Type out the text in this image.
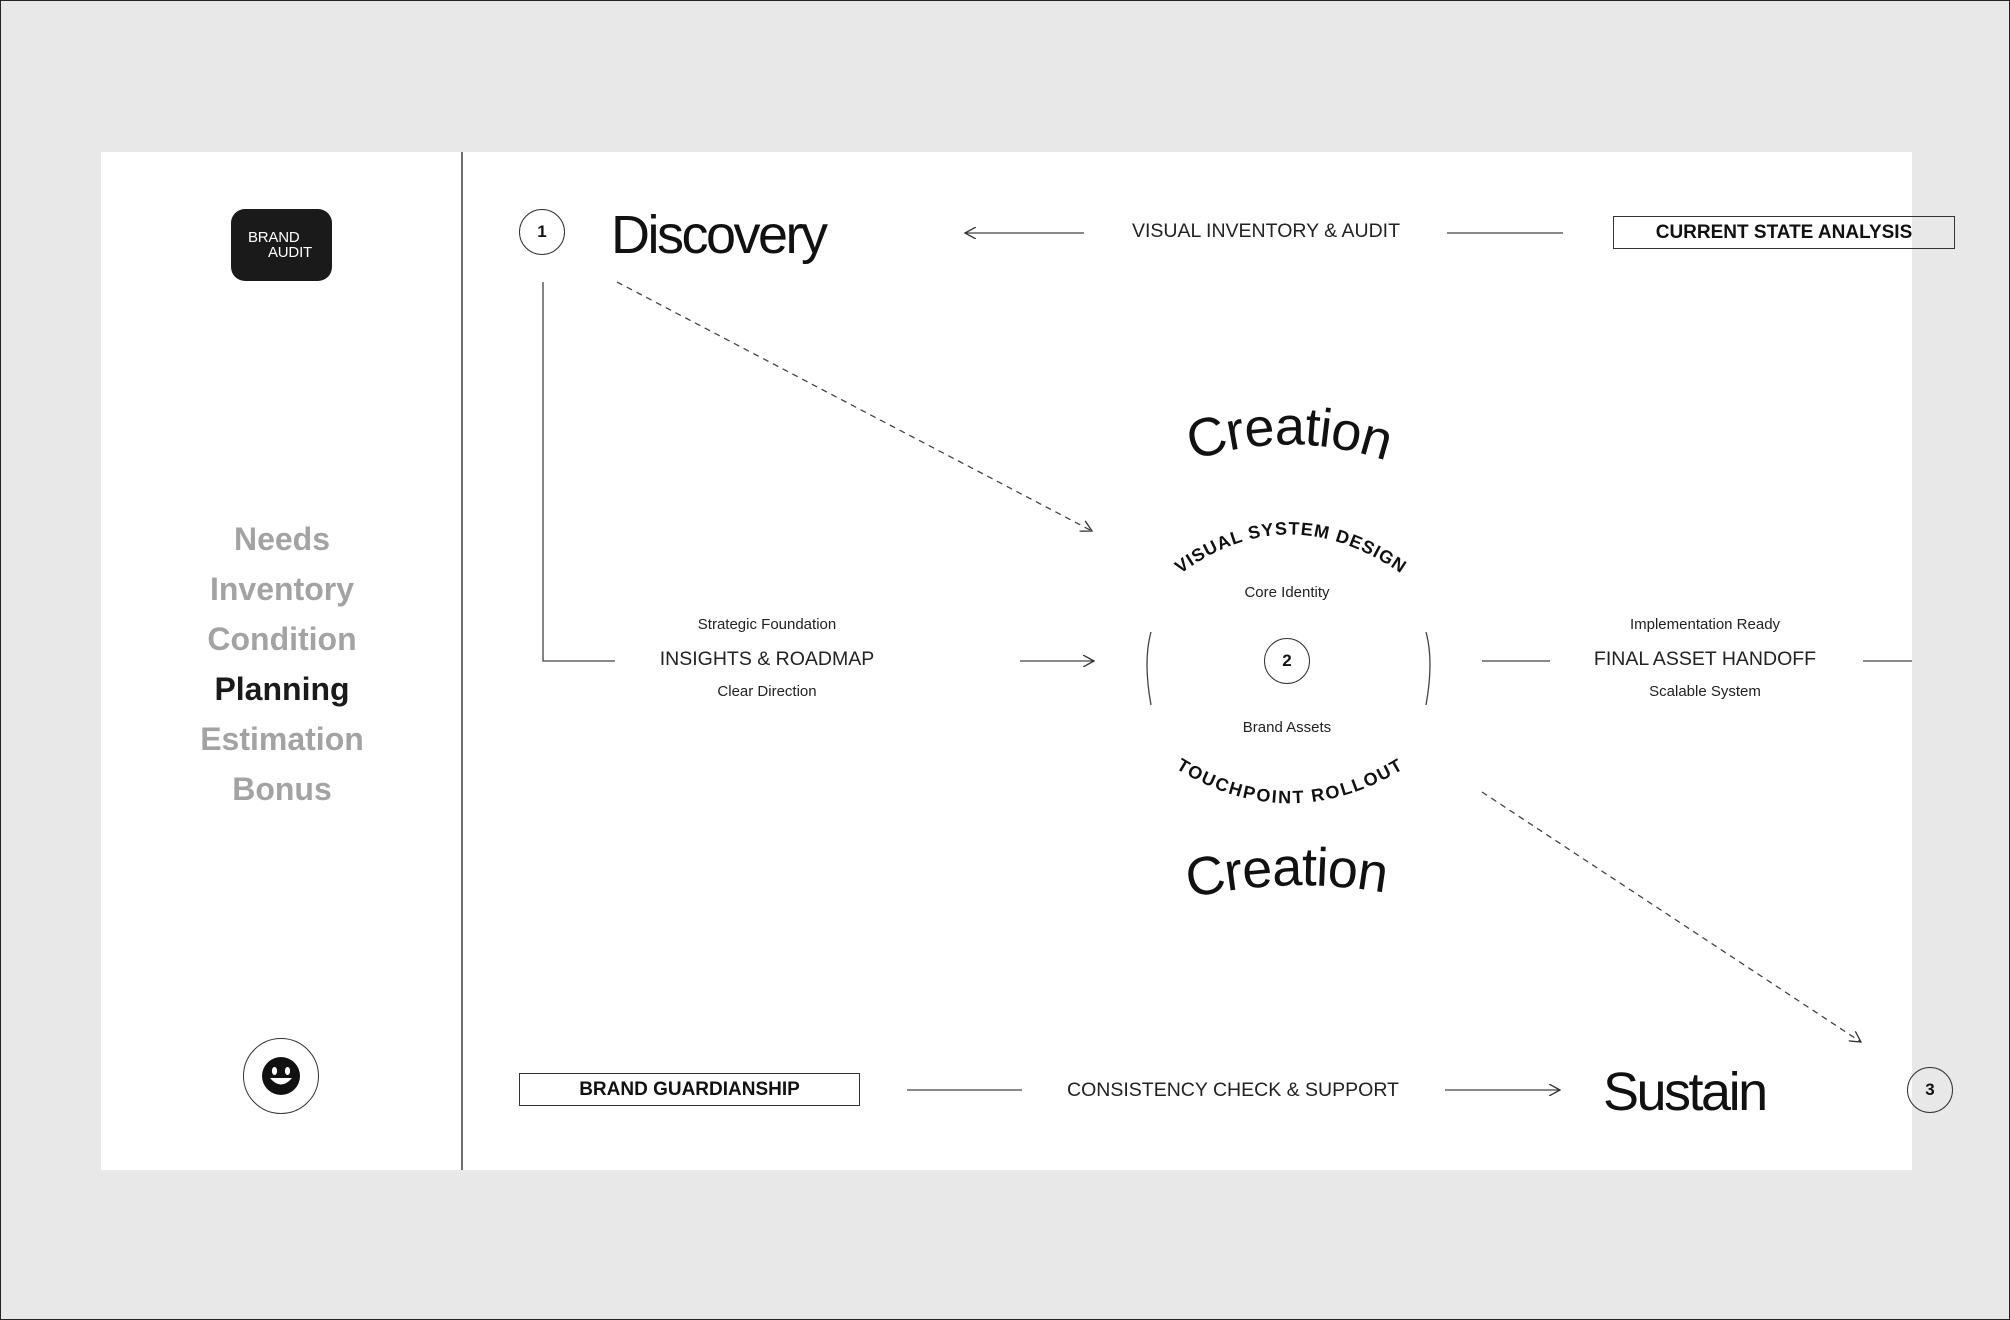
BRAND
AUDIT
Needs
Inventory
Condition
Planning
Estimation
Bonus
Creation
VISUAL SYSTEM DESIGN
TOUCHPOINT ROLLOUT
Creation
1	Discovery	VISUAL INVENTORY & AUDIT	CURRENT STATE ANALYSIS
Strategic Foundation
INSIGHTS & ROADMAP
Clear Direction
Core Identity
2
Brand Assets
Implementation Ready
FINAL ASSET HANDOFF
Scalable System
BRAND GUARDIANSHIP	CONSISTENCY CHECK & SUPPORT	Sustain	3
